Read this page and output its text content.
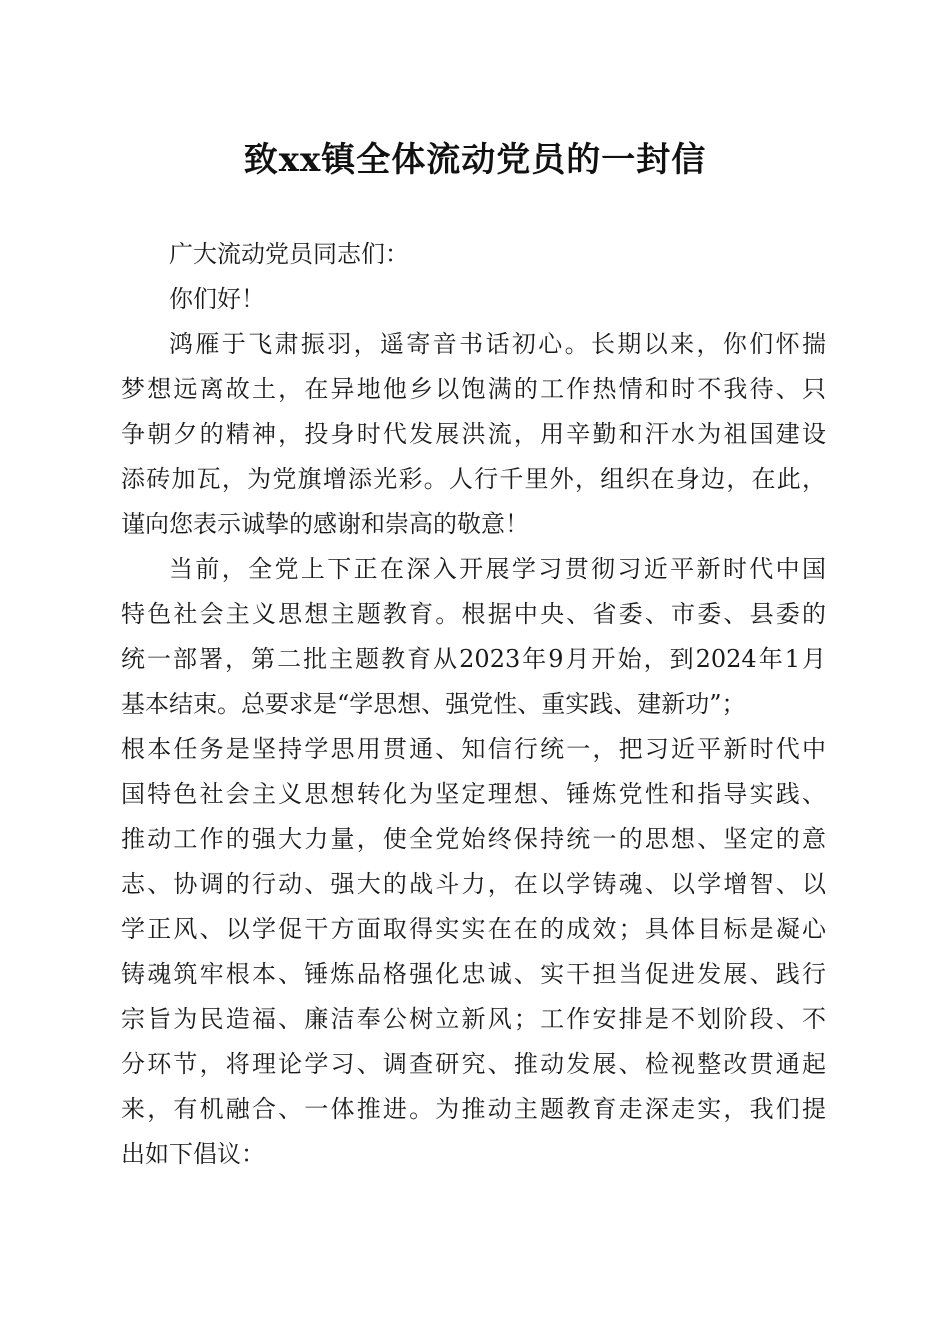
致xx镇全体流动党员的一封信

广大流动党员同志们：

你们好！

鸿雁于飞肃振羽，遥寄音书话初心。长期以来，你们怀揣
梦想远离故土，在异地他乡以饱满的工作热情和时不我待、只
争朝夕的精神，投身时代发展洪流，用辛勤和汗水为祖国建设
添砖加瓦，为党旗增添光彩。人行千里外，组织在身边，在此，
谨向您表示诚挚的感谢和崇高的敬意！
当前，全党上下正在深入开展学习贯彻习近平新时代中国
特色社会主义思想主题教育。根据中央、省委、市委、县委的
统一部署，第二批主题教育从2023年9月开始，到2024年1月
基本结束。总要求是“学思想、强党性、重实践、建新功”；
根本任务是坚持学思用贯通、知信行统一，把习近平新时代中
国特色社会主义思想转化为坚定理想、锤炼党性和指导实践、
推动工作的强大力量，使全党始终保持统一的思想、坚定的意
志、协调的行动、强大的战斗力，在以学铸魂、以学增智、以
学正风、以学促干方面取得实实在在的成效；具体目标是凝心
铸魂筑牢根本、锤炼品格强化忠诚、实干担当促进发展、践行
宗旨为民造福、廉洁奉公树立新风；工作安排是不划阶段、不
分环节，将理论学习、调查研究、推动发展、检视整改贯通起
来，有机融合、一体推进。为推动主题教育走深走实，我们提
出如下倡议：
